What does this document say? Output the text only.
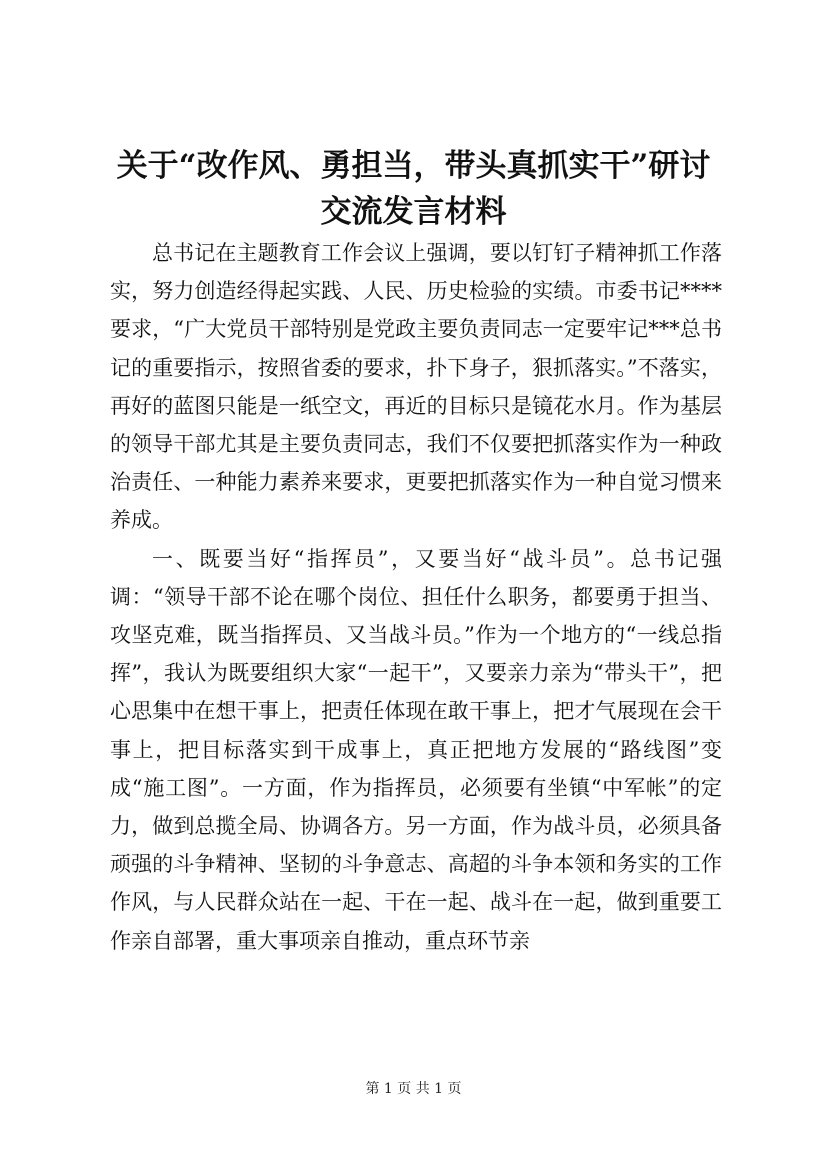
关于“改作风、勇担当，带头真抓实干”研讨
交流发言材料

总书记在主题教育工作会议上强调，要以钉钉子精神抓工作落实，努力创造经得起实践、人民、历史检验的实绩。市委书记****要求，“广大党员干部特别是党政主要负责同志一定要牢记***总书记的重要指示，按照省委的要求，扑下身子，狠抓落实。”不落实，再好的蓝图只能是一纸空文，再近的目标只是镜花水月。作为基层的领导干部尤其是主要负责同志，我们不仅要把抓落实作为一种政治责任、一种能力素养来要求，更要把抓落实作为一种自觉习惯来养成。

一、既要当好“指挥员”，又要当好“战斗员”。总书记强调：“领导干部不论在哪个岗位、担任什么职务，都要勇于担当、攻坚克难，既当指挥员、又当战斗员。”作为一个地方的“一线总指挥”，我认为既要组织大家“一起干”，又要亲力亲为“带头干”，把心思集中在想干事上，把责任体现在敢干事上，把才气展现在会干事上，把目标落实到干成事上，真正把地方发展的“路线图”变成“施工图”。一方面，作为指挥员，必须要有坐镇“中军帐”的定力，做到总揽全局、协调各方。另一方面，作为战斗员，必须具备顽强的斗争精神、坚韧的斗争意志、高超的斗争本领和务实的工作作风，与人民群众站在一起、干在一起、战斗在一起，做到重要工作亲自部署，重大事项亲自推动，重点环节亲

第 1 页 共 1 页
